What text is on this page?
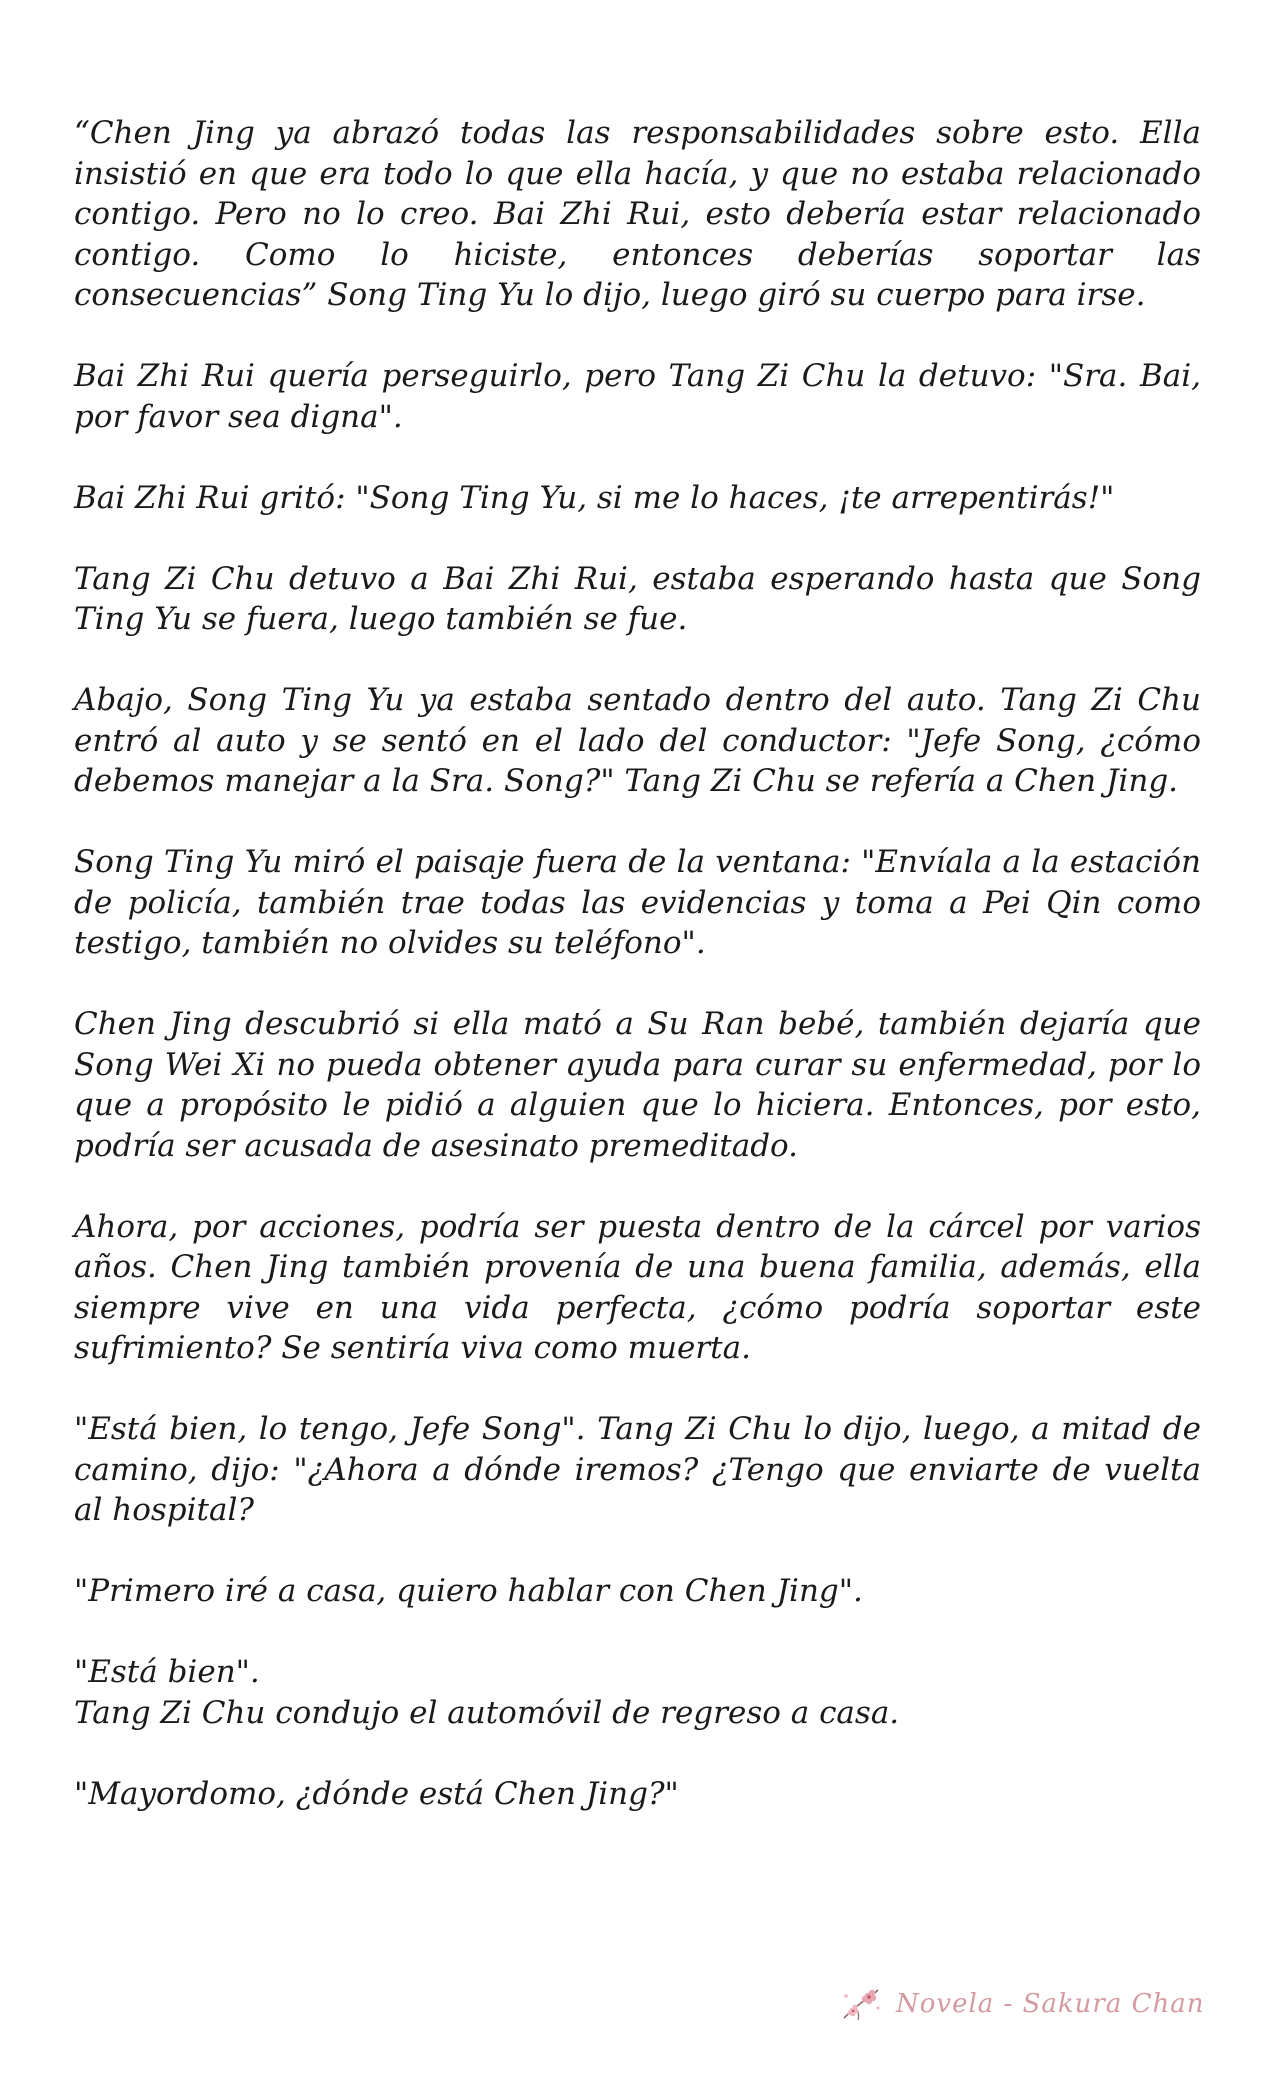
“Chen Jing ya abrazó todas las responsabilidades sobre esto. Ella insistió en que era todo lo que ella hacía, y que no estaba relacionado contigo. Pero no lo creo. Bai Zhi Rui, esto debería estar relacionado contigo. Como lo hiciste, entonces deberías soportar las consecuencias” Song Ting Yu lo dijo, luego giró su cuerpo para irse.

Bai Zhi Rui quería perseguirlo, pero Tang Zi Chu la detuvo: "Sra. Bai, por favor sea digna".

Bai Zhi Rui gritó: "Song Ting Yu, si me lo haces, ¡te arrepentirás!"

Tang Zi Chu detuvo a Bai Zhi Rui, estaba esperando hasta que Song Ting Yu se fuera, luego también se fue.

Abajo, Song Ting Yu ya estaba sentado dentro del auto. Tang Zi Chu entró al auto y se sentó en el lado del conductor: "Jefe Song, ¿cómo debemos manejar a la Sra. Song?" Tang Zi Chu se refería a Chen Jing.

Song Ting Yu miró el paisaje fuera de la ventana: "Envíala a la estación de policía, también trae todas las evidencias y toma a Pei Qin como testigo, también no olvides su teléfono".

Chen Jing descubrió si ella mató a Su Ran bebé, también dejaría que Song Wei Xi no pueda obtener ayuda para curar su enfermedad, por lo que a propósito le pidió a alguien que lo hiciera. Entonces, por esto, podría ser acusada de asesinato premeditado.

Ahora, por acciones, podría ser puesta dentro de la cárcel por varios años. Chen Jing también provenía de una buena familia, además, ella siempre vive en una vida perfecta, ¿cómo podría soportar este sufrimiento? Se sentiría viva como muerta.

"Está bien, lo tengo, Jefe Song". Tang Zi Chu lo dijo, luego, a mitad de camino, dijo: "¿Ahora a dónde iremos? ¿Tengo que enviarte de vuelta al hospital?

"Primero iré a casa, quiero hablar con Chen Jing".

"Está bien".

Tang Zi Chu condujo el automóvil de regreso a casa.

"Mayordomo, ¿dónde está Chen Jing?"

Novela - Sakura Chan
